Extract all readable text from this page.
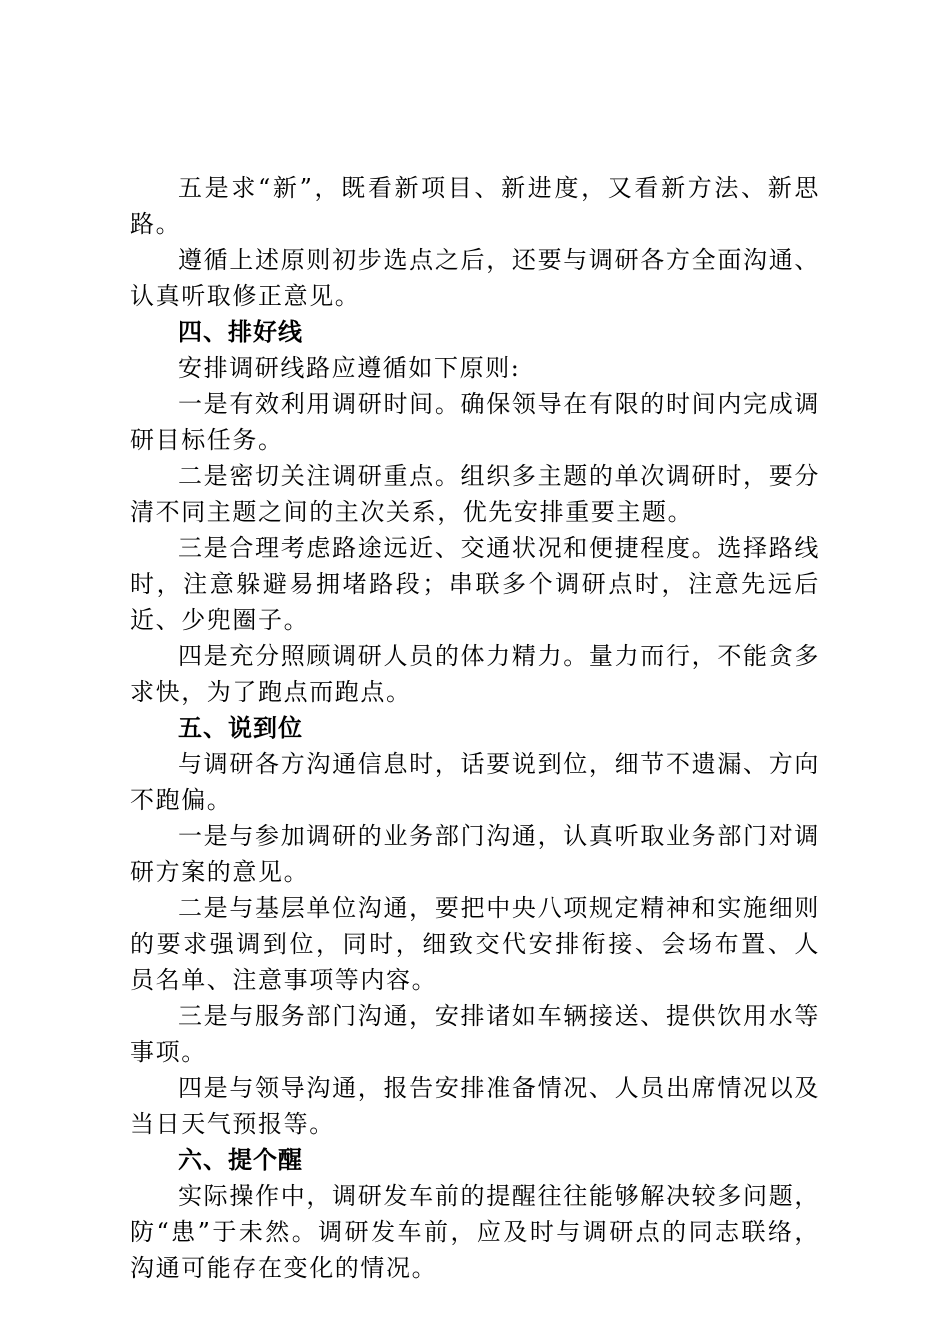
五是求“新”，既看新项目、新进度，又看新方法、新思路。

遵循上述原则初步选点之后，还要与调研各方全面沟通、认真听取修正意见。

四、排好线

安排调研线路应遵循如下原则:

一是有效利用调研时间。确保领导在有限的时间内完成调研目标任务。

二是密切关注调研重点。组织多主题的单次调研时，要分清不同主题之间的主次关系，优先安排重要主题。

三是合理考虑路途远近、交通状况和便捷程度。选择路线时，注意躲避易拥堵路段；串联多个调研点时，注意先远后近、少兜圈子。

四是充分照顾调研人员的体力精力。量力而行，不能贪多求快，为了跑点而跑点。

五、说到位

与调研各方沟通信息时，话要说到位，细节不遗漏、方向不跑偏。

一是与参加调研的业务部门沟通，认真听取业务部门对调研方案的意见。

二是与基层单位沟通，要把中央八项规定精神和实施细则的要求强调到位，同时，细致交代安排衔接、会场布置、人员名单、注意事项等内容。

三是与服务部门沟通，安排诸如车辆接送、提供饮用水等事项。

四是与领导沟通，报告安排准备情况、人员出席情况以及当日天气预报等。

六、提个醒

实际操作中，调研发车前的提醒往往能够解决较多问题，防“患”于未然。调研发车前，应及时与调研点的同志联络，沟通可能存在变化的情况。
